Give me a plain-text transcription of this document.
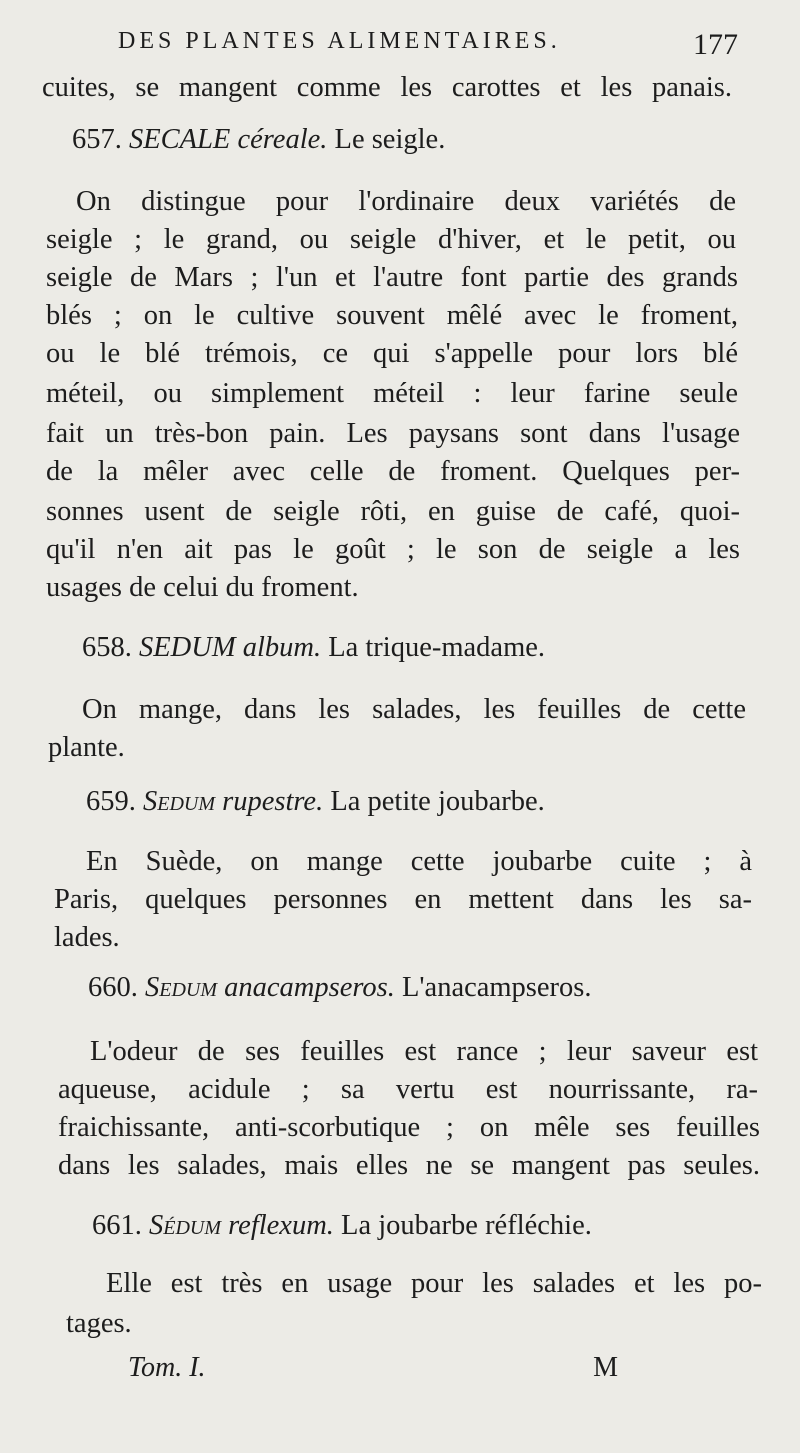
DES PLANTES ALIMENTAIRES.	177
cuites, se mangent comme les carottes et les panais.
657. SECALE céreale. Le seigle.
On distingue pour l'ordinaire deux variétés de
seigle ; le grand, ou seigle d'hiver, et le petit, ou
seigle de Mars ; l'un et l'autre font partie des grands
blés ; on le cultive souvent mêlé avec le froment,
ou le blé trémois, ce qui s'appelle pour lors blé
méteil, ou simplement méteil : leur farine seule
fait un très-bon pain. Les paysans sont dans l'usage
de la mêler avec celle de froment. Quelques per-
sonnes usent de seigle rôti, en guise de café, quoi-
qu'il n'en ait pas le goût ; le son de seigle a les
usages de celui du froment.
658. SEDUM album. La trique-madame.
On mange, dans les salades, les feuilles de cette
plante.
659. Sedum rupestre. La petite joubarbe.
En Suède, on mange cette joubarbe cuite ; à
Paris, quelques personnes en mettent dans les sa-
lades.
660. Sedum anacampseros. L'anacampseros.
L'odeur de ses feuilles est rance ; leur saveur est
aqueuse, acidule ; sa vertu est nourrissante, ra-
fraichissante, anti-scorbutique ; on mêle ses feuilles
dans les salades, mais elles ne se mangent pas seules.
661. Sédum reflexum. La joubarbe réfléchie.
Elle est très en usage pour les salades et les po-
tages.
Tom. I.	M
